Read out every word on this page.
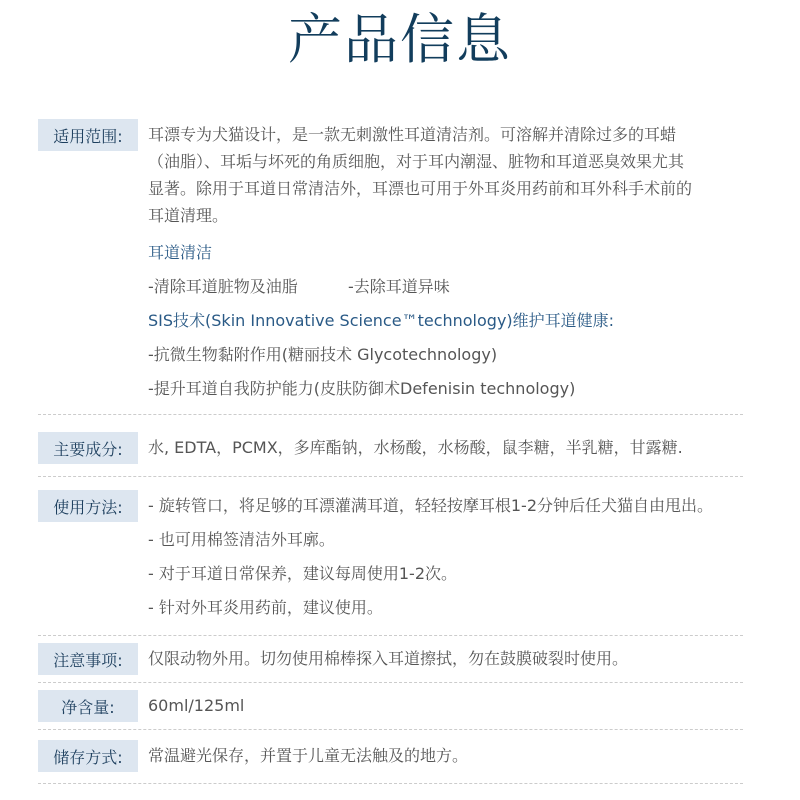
产品信息
适用范围:	耳漂专为犬猫设计，是一款无刺激性耳道清洁剂。可溶解并清除过多的耳蜡
（油脂）、耳垢与坏死的角质细胞，对于耳内潮湿、脏物和耳道恶臭效果尤其
显著。除用于耳道日常清洁外，耳漂也可用于外耳炎用药前和耳外科手术前的
耳道清理。
耳道清洁
-清除耳道脏物及油脂	-去除耳道异味
SIS技术(Skin Innovative Science™technology)维护耳道健康:
-抗微生物黏附作用(糖丽技术 Glycotechnology)
-提升耳道自我防护能力(皮肤防御术Defenisin technology)
主要成分:	水, EDTA，PCMX，多库酯钠，水杨酸，水杨酸，鼠李糖，半乳糖，甘露糖.
使用方法:	- 旋转管口，将足够的耳漂灌满耳道，轻轻按摩耳根1-2分钟后任犬猫自由甩出。
- 也可用棉签清洁外耳廓。
- 对于耳道日常保养，建议每周使用1-2次。
- 针对外耳炎用药前，建议使用。
注意事项:	仅限动物外用。切勿使用棉棒探入耳道擦拭，勿在鼓膜破裂时使用。
净含量:	60ml/125ml
储存方式:	常温避光保存，并置于儿童无法触及的地方。
